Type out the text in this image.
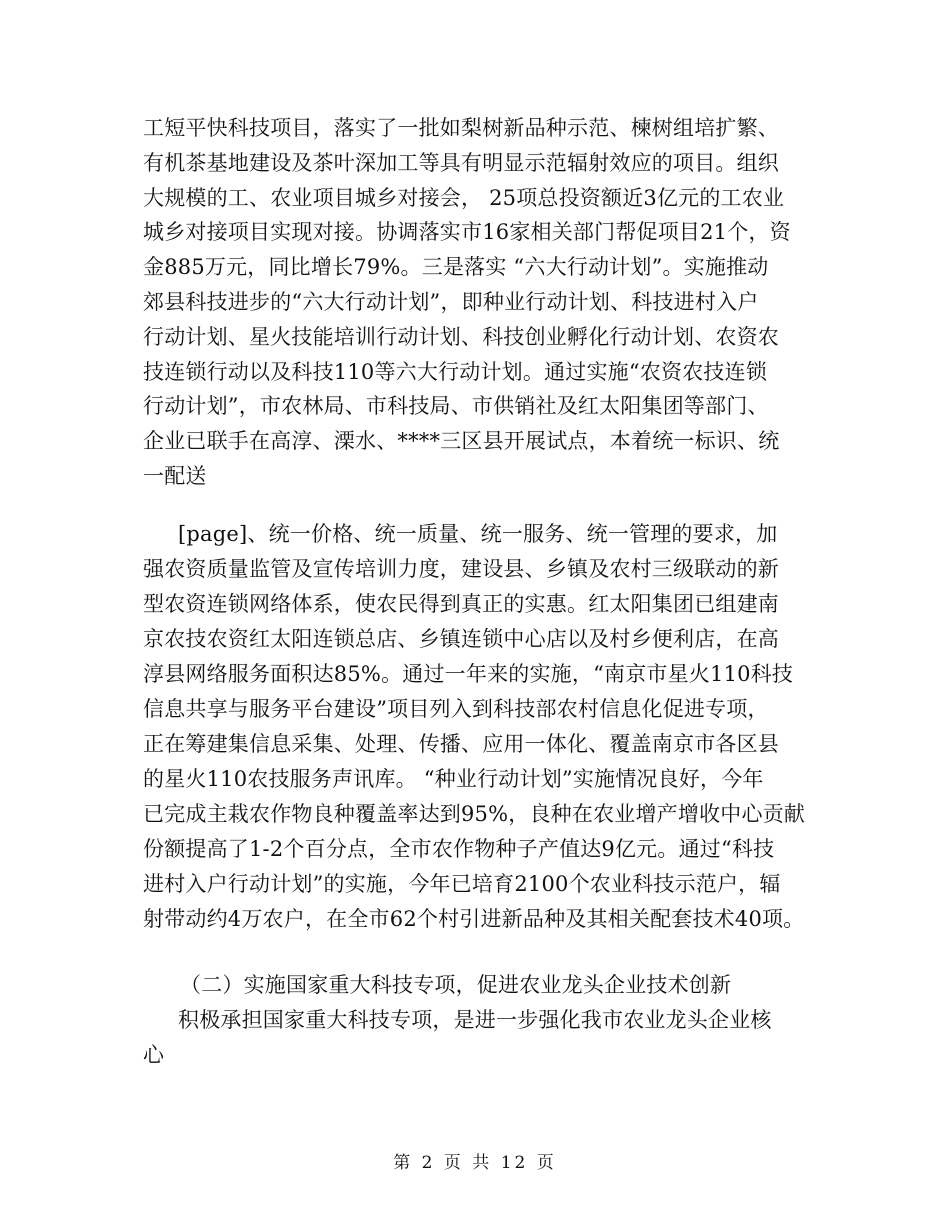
工短平快科技项目，落实了一批如梨树新品种示范、楝树组培扩繁、
有机茶基地建设及茶叶深加工等具有明显示范辐射效应的项目。组织
大规模的工、农业项目城乡对接会， 25项总投资额近3亿元的工农业
城乡对接项目实现对接。协调落实市16家相关部门帮促项目21个，资
金885万元，同比增长79%。三是落实 “六大行动计划”。实施推动
郊县科技进步的“六大行动计划”，即种业行动计划、科技进村入户
行动计划、星火技能培训行动计划、科技创业孵化行动计划、农资农
技连锁行动以及科技110等六大行动计划。通过实施“农资农技连锁
行动计划”，市农林局、市科技局、市供销社及红太阳集团等部门、
企业已联手在高淳、溧水、****三区县开展试点，本着统一标识、统
一配送
[page]、统一价格、统一质量、统一服务、统一管理的要求，加
强农资质量监管及宣传培训力度，建设县、乡镇及农村三级联动的新
型农资连锁网络体系，使农民得到真正的实惠。红太阳集团已组建南
京农技农资红太阳连锁总店、乡镇连锁中心店以及村乡便利店，在高
淳县网络服务面积达85%。通过一年来的实施，“南京市星火110科技
信息共享与服务平台建设”项目列入到科技部农村信息化促进专项，
正在筹建集信息采集、处理、传播、应用一体化、覆盖南京市各区县
的星火110农技服务声讯库。 “种业行动计划”实施情况良好，今年
已完成主栽农作物良种覆盖率达到95%，良种在农业增产增收中心贡献
份额提高了1-2个百分点，全市农作物种子产值达9亿元。通过“科技
进村入户行动计划”的实施，今年已培育2100个农业科技示范户，辐
射带动约4万农户，在全市62个村引进新品种及其相关配套技术40项。
（二）实施国家重大科技专项，促进农业龙头企业技术创新
积极承担国家重大科技专项，是进一步强化我市农业龙头企业核
心
第 2 页 共 12 页
